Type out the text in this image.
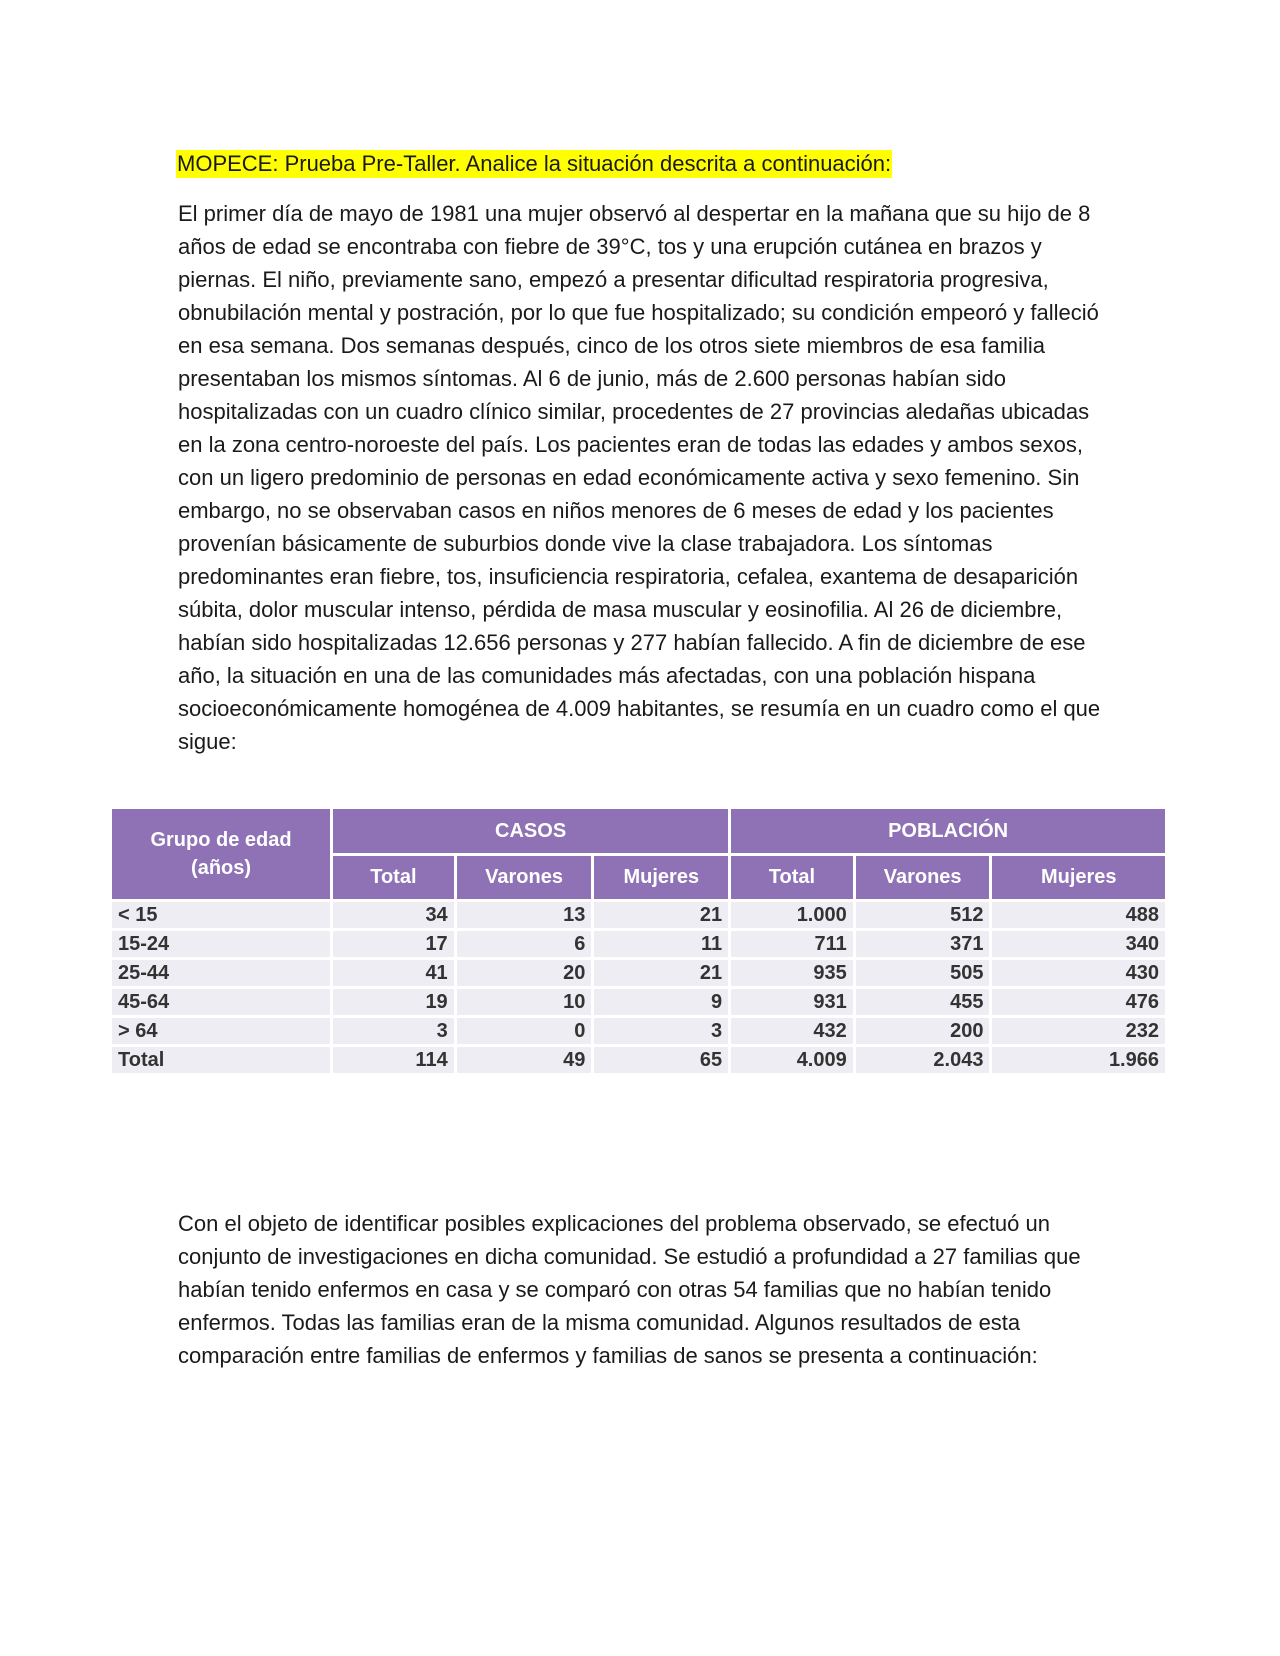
MOPECE: Prueba Pre-Taller. Analice la situación descrita a continuación:

El primer día de mayo de 1981 una mujer observó al despertar en la mañana que su hijo de 8 años de edad se encontraba con fiebre de 39°C, tos y una erupción cutánea en brazos y piernas. El niño, previamente sano, empezó a presentar dificultad respiratoria progresiva, obnubilación mental y postración, por lo que fue hospitalizado; su condición empeoró y falleció en esa semana. Dos semanas después, cinco de los otros siete miembros de esa familia presentaban los mismos síntomas. Al 6 de junio, más de 2.600 personas habían sido hospitalizadas con un cuadro clínico similar, procedentes de 27 provincias aledañas ubicadas en la zona centro-noroeste del país. Los pacientes eran de todas las edades y ambos sexos, con un ligero predominio de personas en edad económicamente activa y sexo femenino. Sin embargo, no se observaban casos en niños menores de 6 meses de edad y los pacientes provenían básicamente de suburbios donde vive la clase trabajadora. Los síntomas predominantes eran fiebre, tos, insuficiencia respiratoria, cefalea, exantema de desaparición súbita, dolor muscular intenso, pérdida de masa muscular y eosinofilia. Al 26 de diciembre, habían sido hospitalizadas 12.656 personas y 277 habían fallecido. A fin de diciembre de ese año, la situación en una de las comunidades más afectadas, con una población hispana socioeconómicamente homogénea de 4.009 habitantes, se resumía en un cuadro como el que sigue:

Grupo de edad
(años)	CASOS			POBLACIÓN		
	Total	Varones	Mujeres	Total	Varones	Mujeres
< 15	34	13	21	1.000	512	488
15-24	17	6	11	711	371	340
25-44	41	20	21	935	505	430
45-64	19	10	9	931	455	476
> 64	3	0	3	432	200	232
Total	114	49	65	4.009	2.043	1.966

Con el objeto de identificar posibles explicaciones del problema observado, se efectuó un conjunto de investigaciones en dicha comunidad. Se estudió a profundidad a 27 familias que habían tenido enfermos en casa y se comparó con otras 54 familias que no habían tenido enfermos. Todas las familias eran de la misma comunidad. Algunos resultados de esta comparación entre familias de enfermos y familias de sanos se presenta a continuación:
